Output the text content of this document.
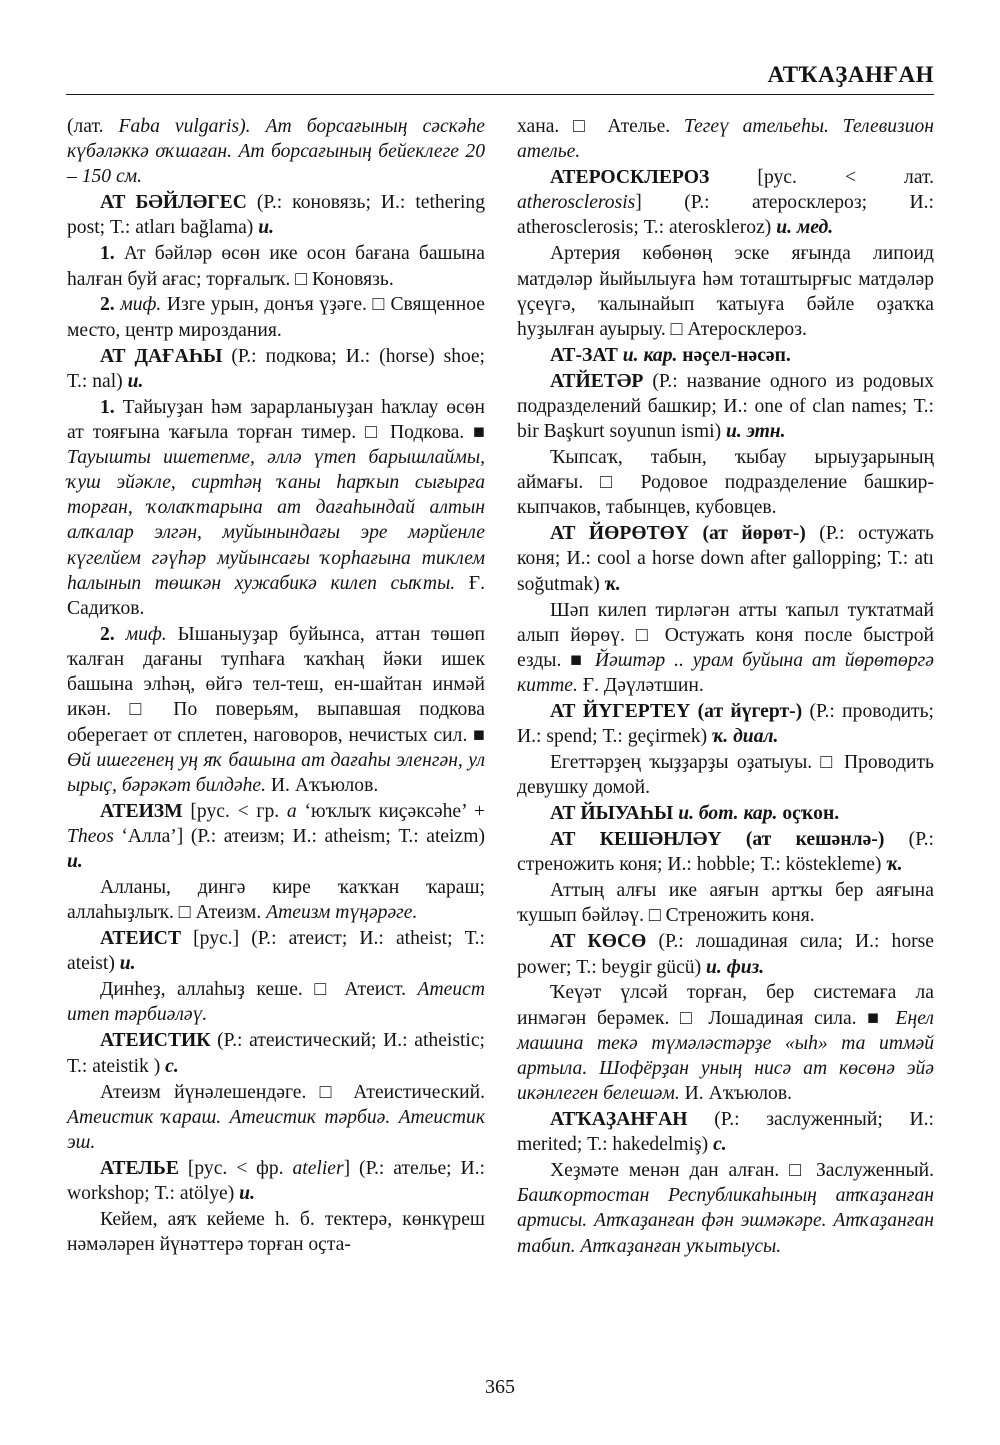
АТҠАҘАНҒАН

(лат. Faba vulgaris). Ат борсағының сәскәһе күбәләккә оҡшаған. Ат борсағының бейеклеге 20 – 150 см.

АТ БӘЙЛӘГЕС (Р.: коновязь; И.: tethering post; Т.: atları bağlama) и.

1. Ат бәйләр өсөн ике осон бағана башына һалған буй ағас; торғалыҡ. □ Коновязь.

2. миф. Изге урын, донъя үҙәге. □ Священное место, центр мироздания.

АТ ДАҒАҺЫ (Р.: подкова; И.: (horse) shoe; Т.: nal) и.

1. Тайыуҙан һәм зарарланыуҙан һаҡлау өсөн ат тояғына ҡағыла торған тимер. □ Подкова. ■ Тауышты ишетепме, әллә үтеп барышлаймы, ҡуш эйәкле, сиртһәң ҡаны һарҡып сығырға торған, ҡолаҡтарына ат дағаһындай алтын алҡалар элгән, муйынындағы эре мәрйенле күгелйем гәүһәр муйынсағы ҡорһағына тиклем һалынып төшкән хужабикә килеп сыҡты. Ғ. Садиҡов.

2. миф. Ышаныуҙар буйынса, аттан төшөп ҡалған дағаны тупһаға ҡаҡһаң йәки ишек башына элһәң, өйгә тел-теш, ен-шайтан инмәй икән. □ По поверьям, выпавшая подкова оберегает от сплетен, наговоров, нечистых сил. ■ Өй ишегенең уң яҡ башына ат дағаһы эленгән, ул ырыҫ, бәрәкәт билдәһе. И. Аҡъюлов.

АТЕИЗМ [рус. < гр. a ‘юҡлыҡ киҫәксәһе’ + Theos ‘Алла’] (Р.: атеизм; И.: atheism; Т.: ateizm) и.

Алланы, дингә кире ҡаҡҡан ҡараш; аллаһыҙлыҡ. □ Атеизм. Атеизм түңәрәге.

АТЕИСТ [рус.] (Р.: атеист; И.: atheist; Т.: ateist) и.

Динһеҙ, аллаһыҙ кеше. □ Атеист. Атеист итеп тәрбиәләү.

АТЕИСТИК (Р.: атеистический; И.: atheistic; Т.: ateistik ) с.

Атеизм йүнәлешендәге. □ Атеистический. Атеистик ҡараш. Атеистик тәрбиә. Атеистик эш.

АТЕЛЬЕ [рус. < фр. atelier] (Р.: ателье; И.: workshop; Т.: atölye) и.

Кейем, аяҡ кейеме һ. б. тектерә, көнкүреш нәмәләрен йүнәттерә торған оҫта-

хана. □ Ателье. Тегеү ательеһы. Телевизион ателье.

АТЕРОСКЛЕРОЗ [рус. < лат. atherosclerosis] (Р.: атеросклероз; И.: atherosclerosis; Т.: ateroskleroz) и. мед.

Артерия көбөнөң эске яғында липоид матдәләр йыйылыуға һәм тоташтырғыс матдәләр үҫеүгә, ҡалынайып ҡатыуға бәйле оҙаҡҡа һуҙылған ауырыу. □ Атеросклероз.

АТ-ЗАТ и. кар. нәҫел-нәсәп.

АТЙЕТӘР (Р.: название одного из родовых подразделений башкир; И.: one of clan names; Т.: bir Başkurt soyunun ismi) и. этн.

Ҡыпсаҡ, табын, ҡыбау ырыуҙарының аймағы. □ Родовое подразделение башкир-кыпчаков, табынцев, кубовцев.

АТ ЙӨРӨТӨҮ (ат йөрөт-) (Р.: остужать коня; И.: cool a horse down after gallopping; Т.: atı soğutmak) ҡ.

Шәп килеп тирләгән атты ҡапыл туҡтатмай алып йөрөү. □ Остужать коня после быстрой езды. ■ Йәштәр .. урам буйына ат йөрөтөргә китте. Ғ. Дәүләтшин.

АТ ЙҮГЕРТЕҮ (ат йүгерт-) (Р.: проводить; И.: spend; Т.: geçirmek) ҡ. диал.

Егеттәрҙең ҡыҙҙарҙы оҙатыуы. □ Проводить девушку домой.

АТ ЙЫУАҺЫ и. бот. кар. оҫҡон.

АТ КЕШӘНЛӘҮ (ат кешәнлә-) (Р.: стреножить коня; И.: hobble; Т.: köstekleme) ҡ.

Аттың алғы ике аяғын артҡы бер аяғына ҡушып бәйләү. □ Стреножить коня.

АТ КӨСӨ (Р.: лошадиная сила; И.: horse power; Т.: beygir gücü) и. физ.

Ҡеүәт үлсәй торған, бер системаға ла инмәгән берәмек. □ Лошадиная сила. ■ Еңел машина текә түмәләстәрҙе «ыһ» та итмәй артыла. Шофёрҙан уның нисә ат көсөнә эйә икәнлеген белешәм. И. Аҡъюлов.

АТҠАҘАНҒАН (Р.: заслуженный; И.: merited; Т.: hakedelmiş) с.

Хеҙмәте менән дан алған. □ Заслуженный. Башҡортостан Республикаһының атҡаҙанған артисы. Атҡаҙанған фән эшмәкәре. Атҡаҙанған табип. Атҡаҙанған уҡытыусы.

365
